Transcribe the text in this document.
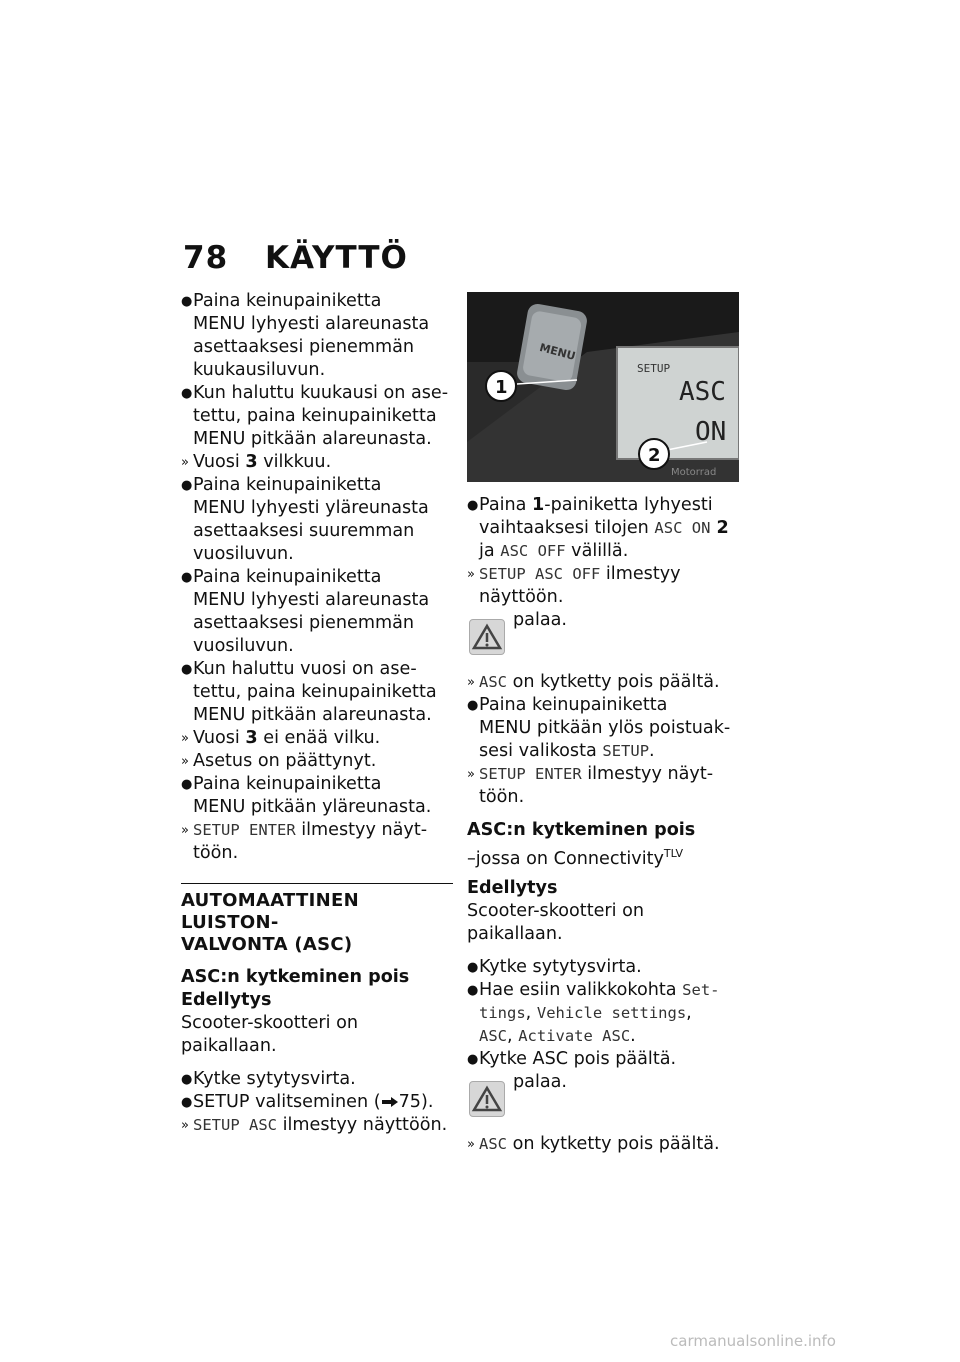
78 KÄYTTÖ
● Paina keinupainiketta
MENU lyhyesti alareunasta
asettaaksesi pienemmän
kuukausiluvun.
● Kun haluttu kuukausi on ase-
tettu, paina keinupainiketta
MENU pitkään alareunasta.
» Vuosi 3 vilkkuu.
● Paina keinupainiketta
MENU lyhyesti yläreunasta
asettaaksesi suuremman
vuosiluvun.
● Paina keinupainiketta
MENU lyhyesti alareunasta
asettaaksesi pienemmän
vuosiluvun.
● Kun haluttu vuosi on ase-
tettu, paina keinupainiketta
MENU pitkään alareunasta.
» Vuosi 3 ei enää vilku.
» Asetus on päättynyt.
● Paina keinupainiketta
MENU pitkään yläreunasta.
» SETUP ENTER ilmestyy näyt-
töön.
AUTOMAATTINEN LUISTON-
VALVONTA (ASC)
ASC:n kytkeminen pois
Edellytys
Scooter-skootteri on paikallaan.
● Kytke sytytysvirta.
● SETUP valitseminen ( 75).
» SETUP ASC ilmestyy näyttöön.
MENU
SETUP
ASC
ON
1
2
Motorrad
● Paina 1-painiketta lyhyesti
vaihtaaksesi tilojen ASC ON 2
ja ASC OFF välillä.
» SETUP ASC OFF ilmestyy
näyttöön.
palaa.
» ASC on kytketty pois päältä.
● Paina keinupainiketta
MENU pitkään ylös poistuak-
sesi valikosta SETUP.
» SETUP ENTER ilmestyy näyt-
töön.
ASC:n kytkeminen pois
–jossa on Connectivity$^{TLV}$
Edellytys
Scooter-skootteri on paikallaan.
● Kytke sytytysvirta.
● Hae esiin valikkokohta Set-
tings, Vehicle settings,
ASC, Activate ASC.
● Kytke ASC pois päältä.
palaa.
» ASC on kytketty pois päältä.
carmanualsonline.info
